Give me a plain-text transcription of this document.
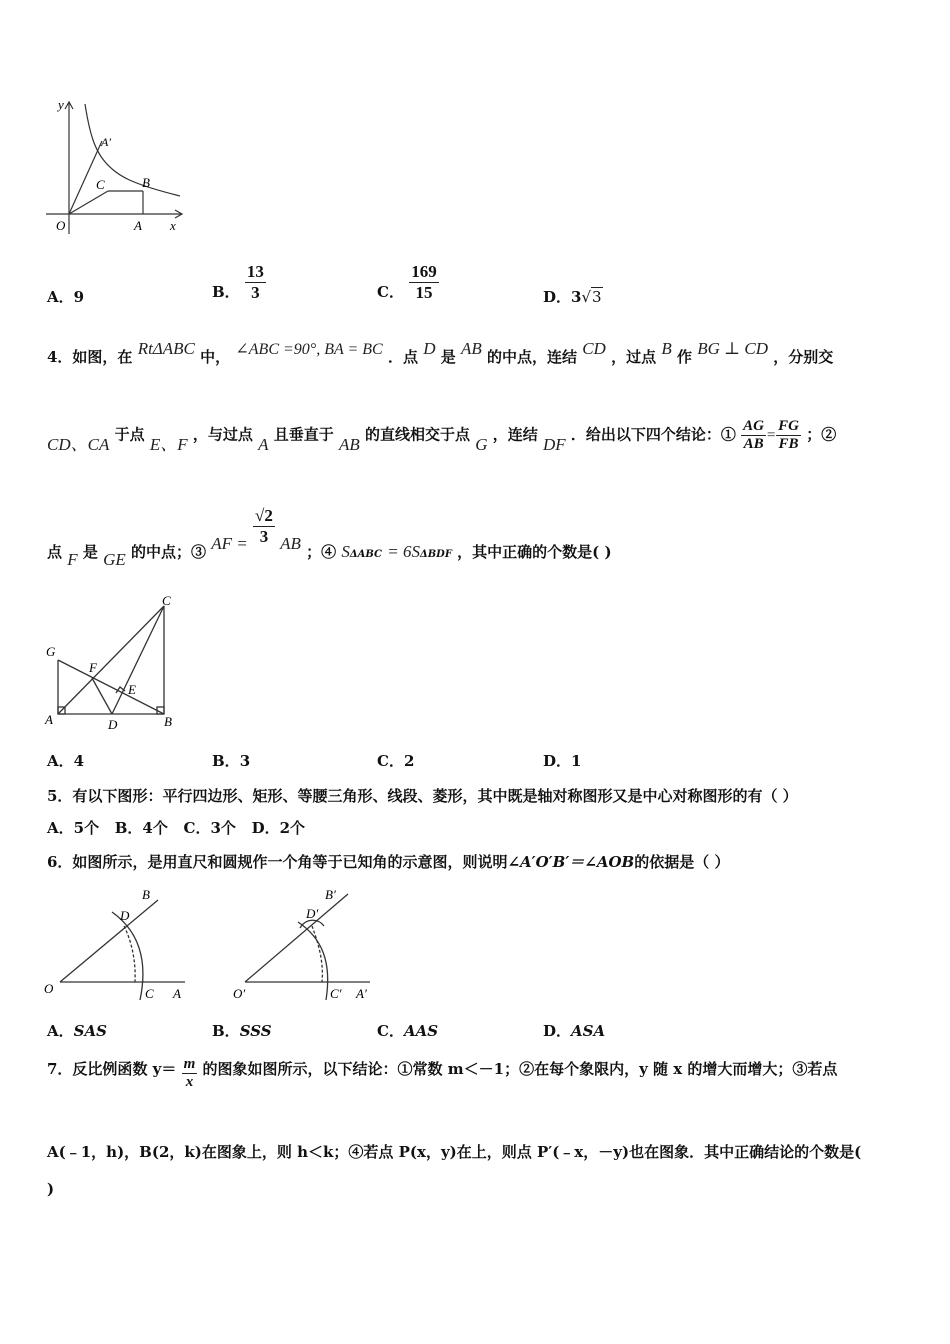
y
A′
C	B
O	A x
A．9	B． $\frac{13}{3}$	C． $\frac{169}{15}$	D．3√3
4．如图，在 RtΔABC 中， ∠ABC =90°, BA = BC ．点 D 是 AB 的中点，连结 CD ，过点 B 作 BG ⊥ CD ，分别交
CD、CA 于点 E、F ，与过点 A 且垂直于 AB 的直线相交于点 G ，连结 DF ．给出以下四个结论：① $\frac{AG}{AB} = \frac{FG}{FB}$ ；②
点 F 是 GE 的中点；③ AF = $\frac{√2}{3}$ AB ；④ SΔABC = 6SΔBDF ，其中正确的个数是( )
C
G
F
E
A	D	B
A．4	B．3	C．2	D．1
5．有以下图形：平行四边形、矩形、等腰三角形、线段、菱形，其中既是轴对称图形又是中心对称图形的有（ ）
A．5个   B．4个   C．3个   D．2个
6．如图所示，是用直尺和圆规作一个角等于已知角的示意图，则说明∠A′O′B′＝∠AOB的依据是（ ）
B
D
O	C A
B′
D′
O′	C′ A′
A．SAS	B．SSS	C．AAS	D．ASA
7．反比例函数 $y= \frac{m}{x}$ 的图象如图所示，以下结论：①常数 m＜－1；②在每个象限内，y 随 x 的增大而增大；③若点
A(﹣1，h)，B(2，k)在图象上，则 h＜k；④若点 P(x，y)在上，则点 P′(﹣x，－y)也在图象．其中正确结论的个数是(
)
